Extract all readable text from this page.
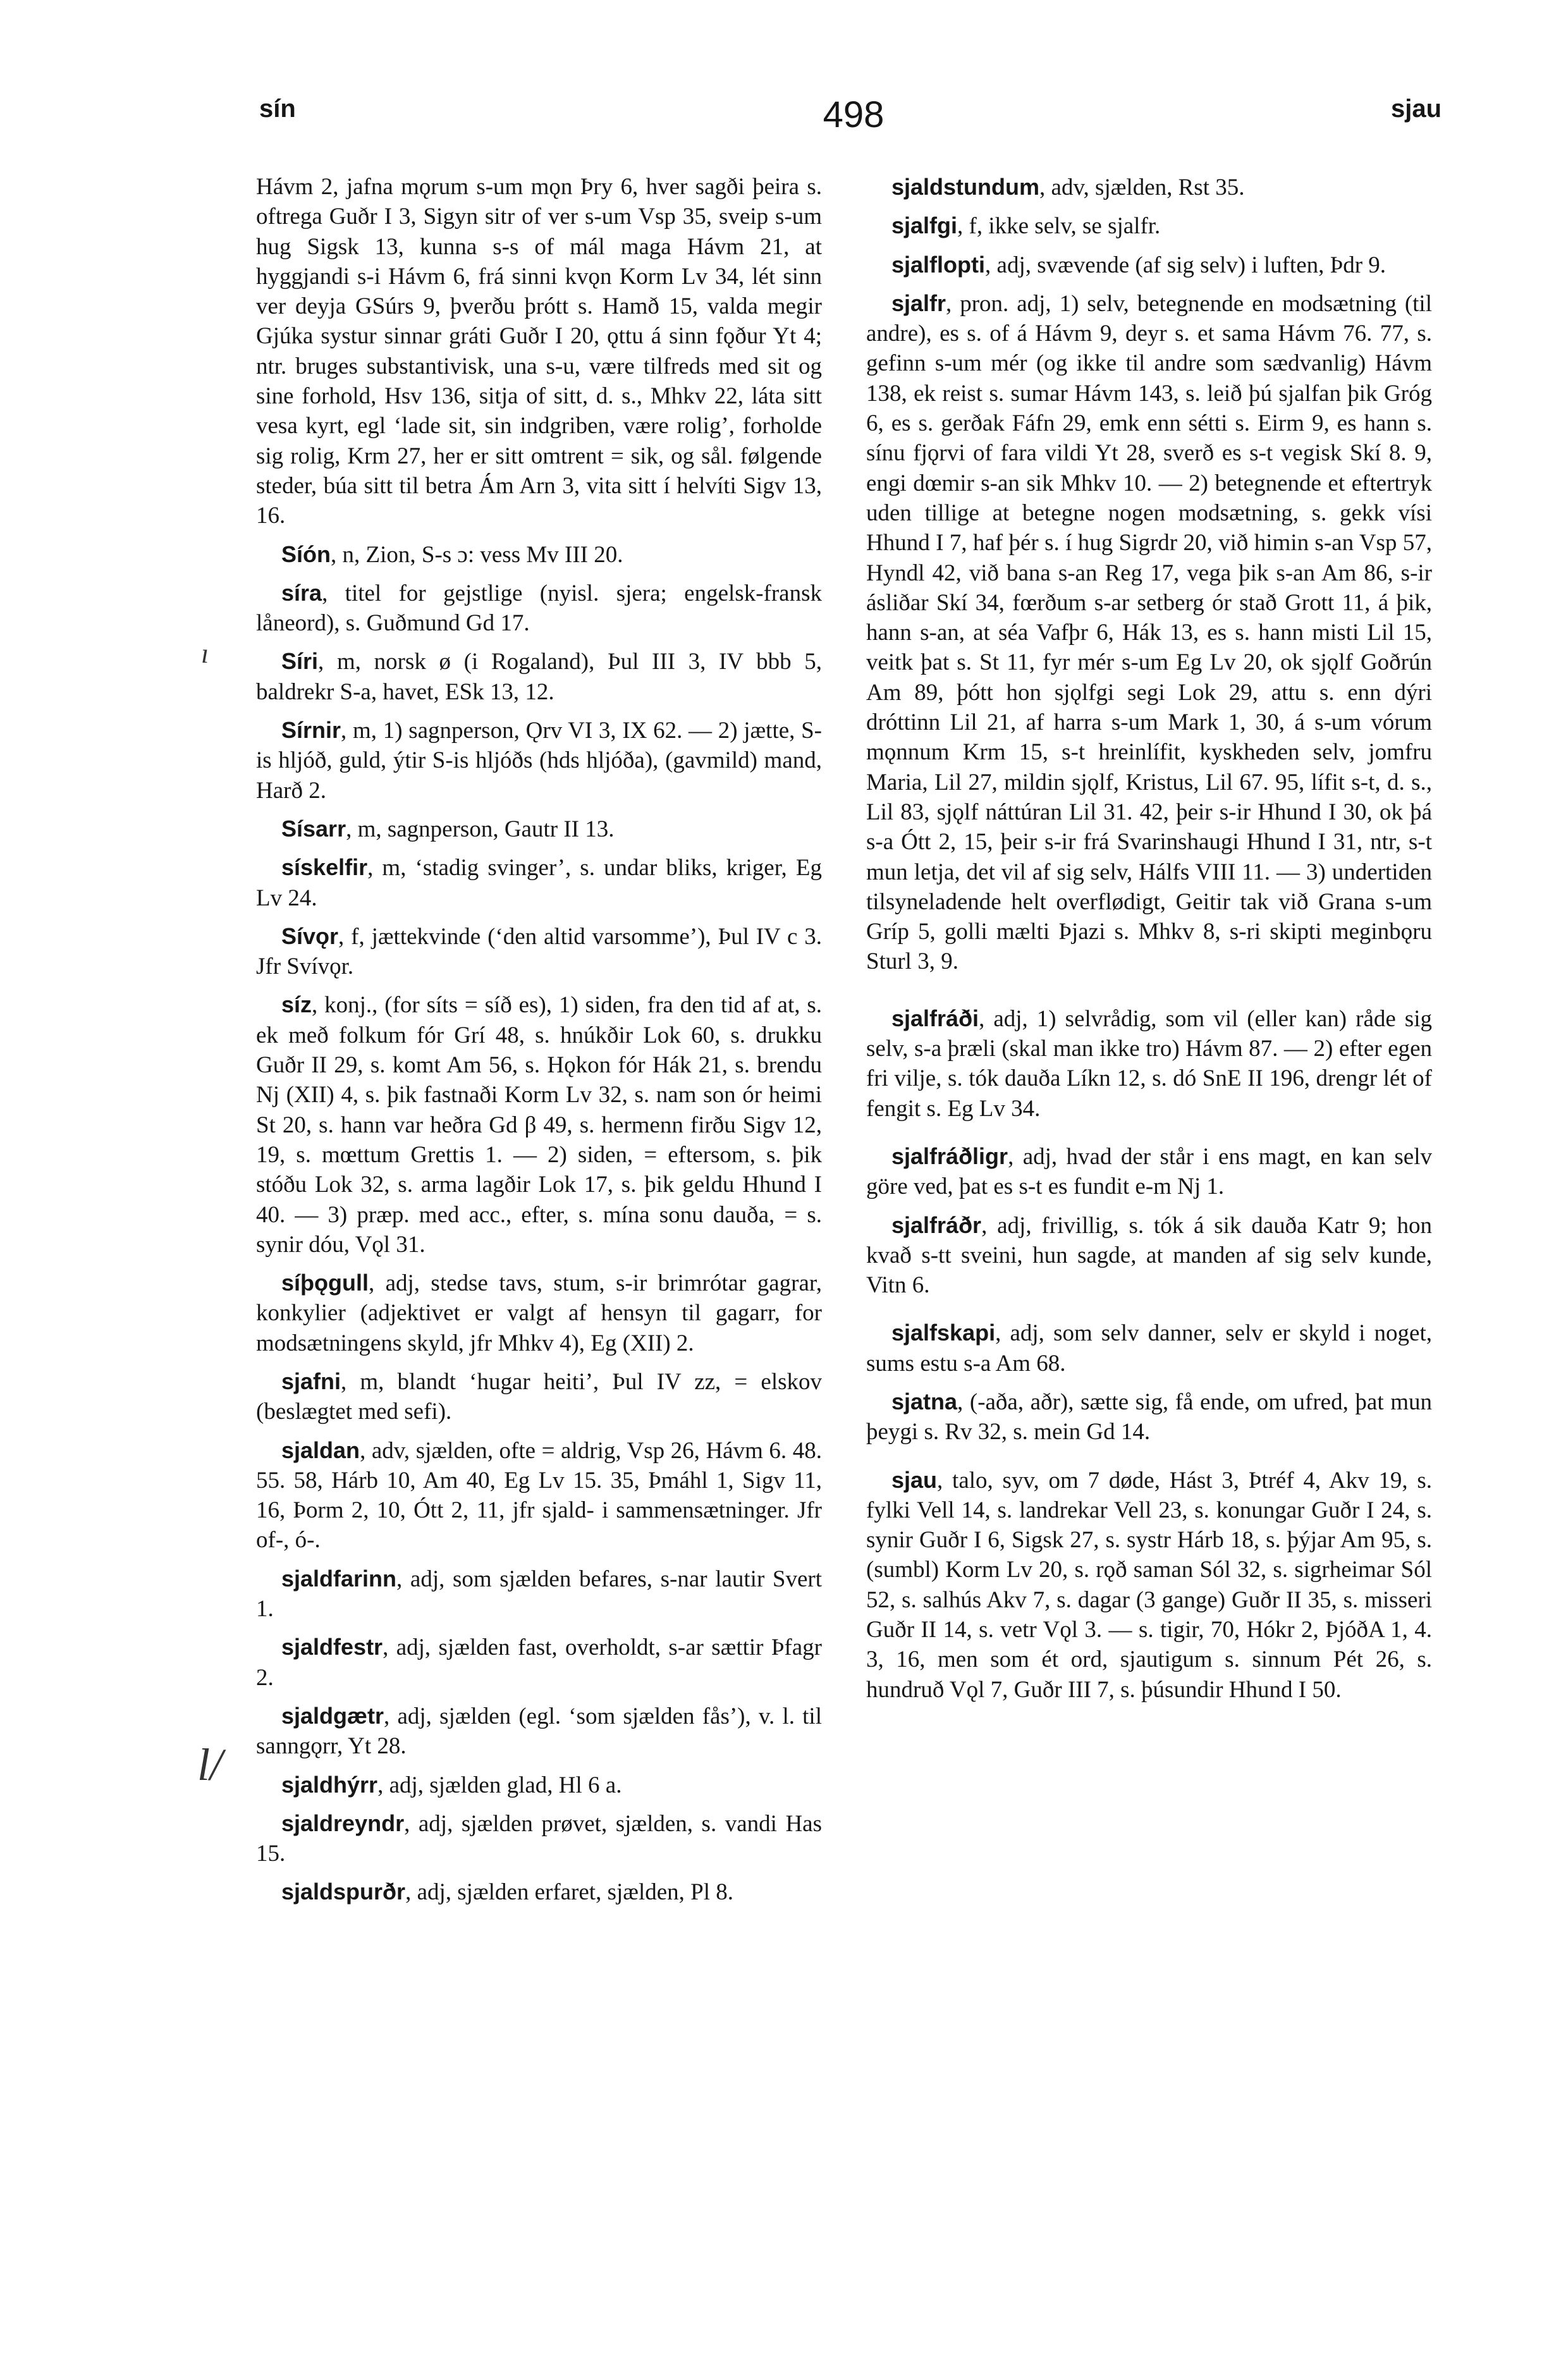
sín	498	sjau
ı
l/

Hávm 2, jafna mǫrum s-um mǫn Þry 6, hver sagði þeira s. oftrega Guðr I 3, Sigyn sitr of ver s-um Vsp 35, sveip s-um hug Sigsk 13, kunna s-s of mál maga Hávm 21, at hyggjandi s-i Hávm 6, frá sinni kvǫn Korm Lv 34, lét sinn ver deyja GSúrs 9, þverðu þrótt s. Hamð 15, valda megir Gjúka systur sinnar gráti Guðr I 20, ǫttu á sinn fǫður Yt 4; ntr. bruges substantivisk, una s-u, være tilfreds med sit og sine forhold, Hsv 136, sitja of sitt, d. s., Mhkv 22, láta sitt vesa kyrt, egl ‘lade sit, sin indgriben, være rolig’, forholde sig rolig, Krm 27, her er sitt omtrent = sik, og sål. følgende steder, búa sitt til betra Ám Arn 3, vita sitt í helvíti Sigv 13, 16.

Síón, n, Zion, S-s ɔ: vess Mv III 20.

síra, titel for gejstlige (nyisl. sjera; engelsk-fransk låneord), s. Guðmund Gd 17.

Síri, m, norsk ø (i Rogaland), Þul III 3, IV bbb 5, baldrekr S-a, havet, ESk 13, 12.

Sírnir, m, 1) sagnperson, Ǫrv VI 3, IX 62. — 2) jætte, S-is hljóð, guld, ýtir S-is hljóðs (hds hljóða), (gavmild) mand, Harð 2.

Sísarr, m, sagnperson, Gautr II 13.

sískelfir, m, ‘stadig svinger’, s. undar bliks, kriger, Eg Lv 24.

Sívǫr, f, jættekvinde (‘den altid varsomme’), Þul IV c 3. Jfr Svívǫr.

síz, konj., (for síts = síð es), 1) siden, fra den tid af at, s. ek með folkum fór Grí 48, s. hnúkðir Lok 60, s. drukku Guðr II 29, s. komt Am 56, s. Hǫkon fór Hák 21, s. brendu Nj (XII) 4, s. þik fastnaði Korm Lv 32, s. nam son ór heimi St 20, s. hann var heðra Gd β 49, s. hermenn firðu Sigv 12, 19, s. mœttum Grettis 1. — 2) siden, = eftersom, s. þik stóðu Lok 32, s. arma lagðir Lok 17, s. þik geldu Hhund I 40. — 3) præp. med acc., efter, s. mína sonu dauða, = s. synir dóu, Vǫl 31.

síþǫgull, adj, stedse tavs, stum, s-ir brimrótar gagrar, konkylier (adjektivet er valgt af hensyn til gagarr, for modsætningens skyld, jfr Mhkv 4), Eg (XII) 2.

sjafni, m, blandt ‘hugar heiti’, Þul IV zz, = elskov (beslægtet med sefi).

sjaldan, adv, sjælden, ofte = aldrig, Vsp 26, Hávm 6. 48. 55. 58, Hárb 10, Am 40, Eg Lv 15. 35, Þmáhl 1, Sigv 11, 16, Þorm 2, 10, Ótt 2, 11, jfr sjald- i sammensætninger. Jfr of-, ó-.

sjaldfarinn, adj, som sjælden befares, s-nar lautir Svert 1.

sjaldfestr, adj, sjælden fast, overholdt, s-ar sættir Þfagr 2.

sjaldgætr, adj, sjælden (egl. ‘som sjælden fås’), v. l. til sanngǫrr, Yt 28.

sjaldhýrr, adj, sjælden glad, Hl 6 a.

sjaldreyndr, adj, sjælden prøvet, sjælden, s. vandi Has 15.

sjaldspurðr, adj, sjælden erfaret, sjælden, Pl 8.

sjaldstundum, adv, sjælden, Rst 35.

sjalfgi, f, ikke selv, se sjalfr.

sjalflopti, adj, svævende (af sig selv) i luften, Þdr 9.

sjalfr, pron. adj, 1) selv, betegnende en modsætning (til andre), es s. of á Hávm 9, deyr s. et sama Hávm 76. 77, s. gefinn s-um mér (og ikke til andre som sædvanlig) Hávm 138, ek reist s. sumar Hávm 143, s. leið þú sjalfan þik Gróg 6, es s. gerðak Fáfn 29, emk enn sétti s. Eirm 9, es hann s. sínu fjǫrvi of fara vildi Yt 28, sverð es s-t vegisk Skí 8. 9, engi dœmir s-an sik Mhkv 10. — 2) betegnende et eftertryk uden tillige at betegne nogen modsætning, s. gekk vísi Hhund I 7, haf þér s. í hug Sigrdr 20, við himin s-an Vsp 57, Hyndl 42, við bana s-an Reg 17, vega þik s-an Am 86, s-ir ásliðar Skí 34, fœrðum s-ar setberg ór stað Grott 11, á þik, hann s-an, at séa Vafþr 6, Hák 13, es s. hann misti Lil 15, veitk þat s. St 11, fyr mér s-um Eg Lv 20, ok sjǫlf Goðrún Am 89, þótt hon sjǫlfgi segi Lok 29, attu s. enn dýri dróttinn Lil 21, af harra s-um Mark 1, 30, á s-um vórum mǫnnum Krm 15, s-t hreinlífit, kyskheden selv, jomfru Maria, Lil 27, mildin sjǫlf, Kristus, Lil 67. 95, lífit s-t, d. s., Lil 83, sjǫlf náttúran Lil 31. 42, þeir s-ir Hhund I 30, ok þá s-a Ótt 2, 15, þeir s-ir frá Svarinshaugi Hhund I 31, ntr, s-t mun letja, det vil af sig selv, Hálfs VIII 11. — 3) undertiden tilsyneladende helt overflødigt, Geitir tak við Grana s-um Gríp 5, golli mælti Þjazi s. Mhkv 8, s-ri skipti meginbǫru Sturl 3, 9.

sjalfráði, adj, 1) selvrådig, som vil (eller kan) råde sig selv, s-a þræli (skal man ikke tro) Hávm 87. — 2) efter egen fri vilje, s. tók dauða Líkn 12, s. dó SnE II 196, drengr lét of fengit s. Eg Lv 34.

sjalfráðligr, adj, hvad der står i ens magt, en kan selv göre ved, þat es s-t es fundit e-m Nj 1.

sjalfráðr, adj, frivillig, s. tók á sik dauða Katr 9; hon kvað s-tt sveini, hun sagde, at manden af sig selv kunde, Vitn 6.

sjalfskapi, adj, som selv danner, selv er skyld i noget, sums estu s-a Am 68.

sjatna, (-aða, aðr), sætte sig, få ende, om ufred, þat mun þeygi s. Rv 32, s. mein Gd 14.

sjau, talo, syv, om 7 døde, Hást 3, Þtréf 4, Akv 19, s. fylki Vell 14, s. landrekar Vell 23, s. konungar Guðr I 24, s. synir Guðr I 6, Sigsk 27, s. systr Hárb 18, s. þýjar Am 95, s. (sumbl) Korm Lv 20, s. rǫð saman Sól 32, s. sigrheimar Sól 52, s. salhús Akv 7, s. dagar (3 gange) Guðr II 35, s. misseri Guðr II 14, s. vetr Vǫl 3. — s. tigir, 70, Hókr 2, ÞjóðA 1, 4. 3, 16, men som ét ord, sjautigum s. sinnum Pét 26, s. hundruð Vǫl 7, Guðr III 7, s. þúsundir Hhund I 50.
